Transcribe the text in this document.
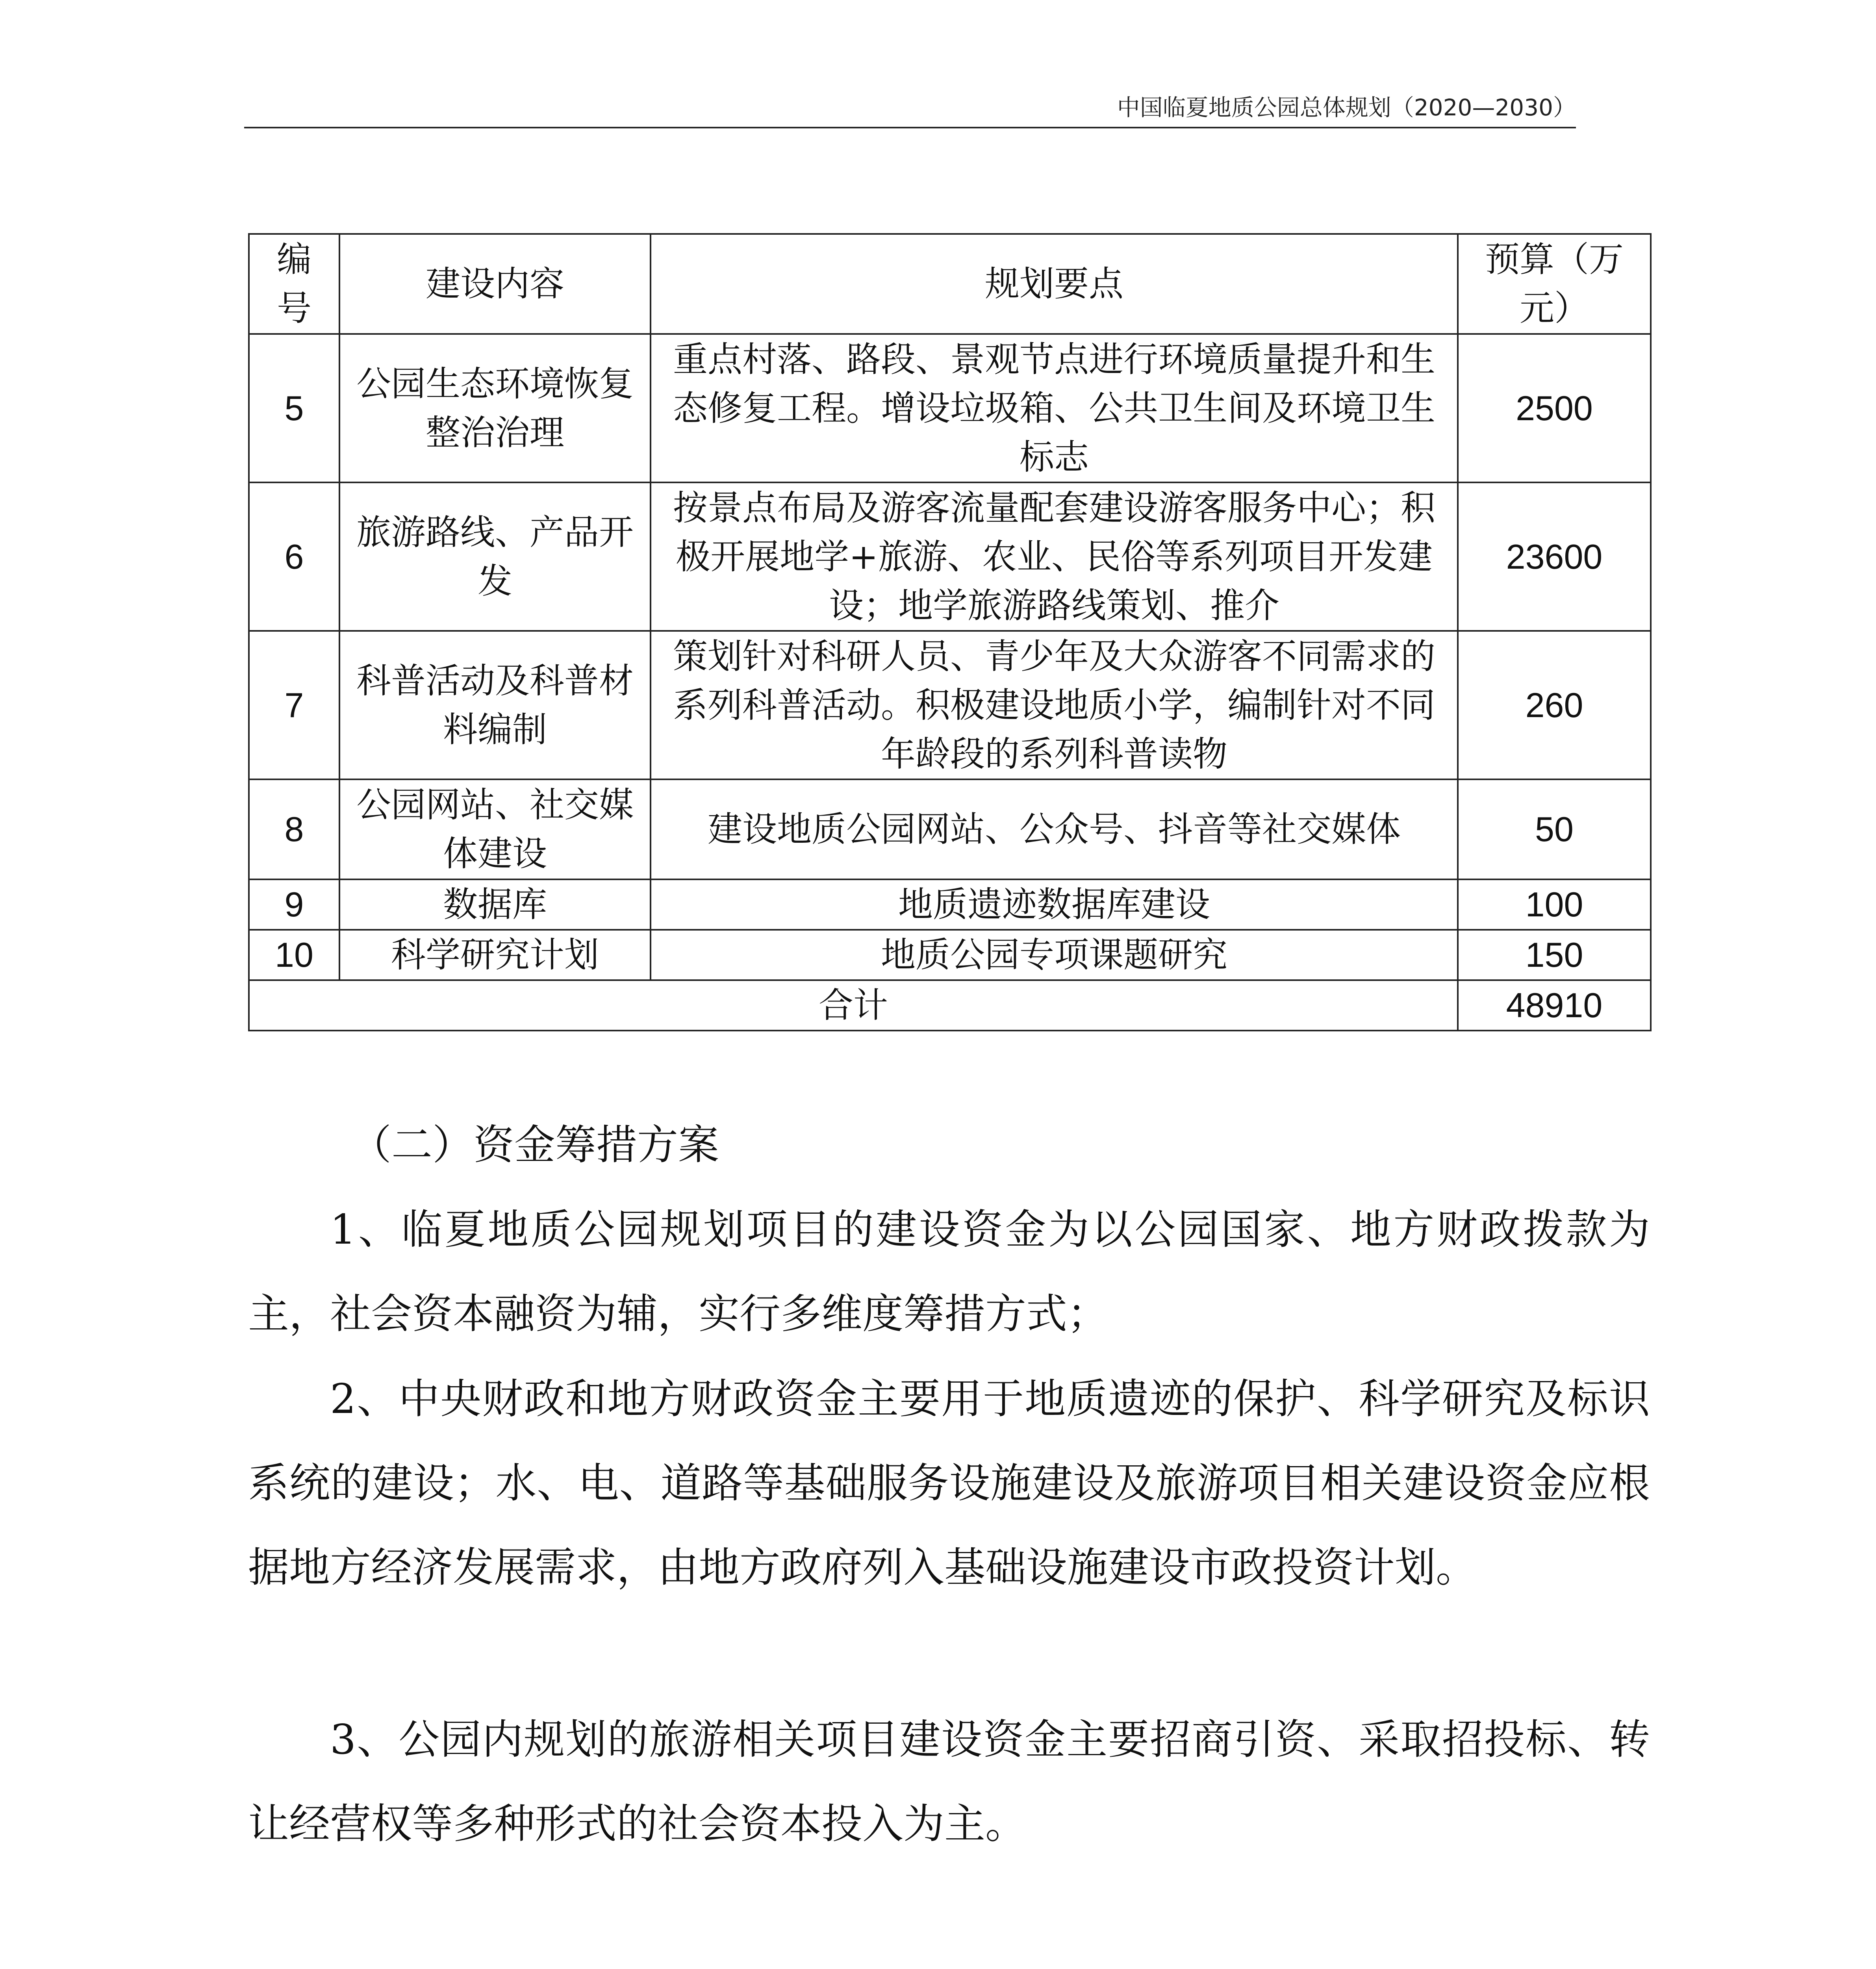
中国临夏地质公园总体规划（2020—2030）
编号	建设内容	规划要点	预算（万元）
5	公园生态环境恢复整治治理	重点村落、路段、景观节点进行环境质量提升和生态修复工程。增设垃圾箱、公共卫生间及环境卫生标志	2500
6	旅游路线、产品开发	按景点布局及游客流量配套建设游客服务中心；积极开展地学+旅游、农业、民俗等系列项目开发建设；地学旅游路线策划、推介	23600
7	科普活动及科普材料编制	策划针对科研人员、青少年及大众游客不同需求的系列科普活动。积极建设地质小学，编制针对不同年龄段的系列科普读物	260
8	公园网站、社交媒体建设	建设地质公园网站、公众号、抖音等社交媒体	50
9	数据库	地质遗迹数据库建设	100
10	科学研究计划	地质公园专项课题研究	150
合计			48910
（二）资金筹措方案
1、临夏地质公园规划项目的建设资金为以公园国家、地方财政拨款为主，社会资本融资为辅，实行多维度筹措方式；
2、中央财政和地方财政资金主要用于地质遗迹的保护、科学研究及标识系统的建设；水、电、道路等基础服务设施建设及旅游项目相关建设资金应根据地方经济发展需求，由地方政府列入基础设施建设市政投资计划。
3、公园内规划的旅游相关项目建设资金主要招商引资、采取招投标、转让经营权等多种形式的社会资本投入为主。
